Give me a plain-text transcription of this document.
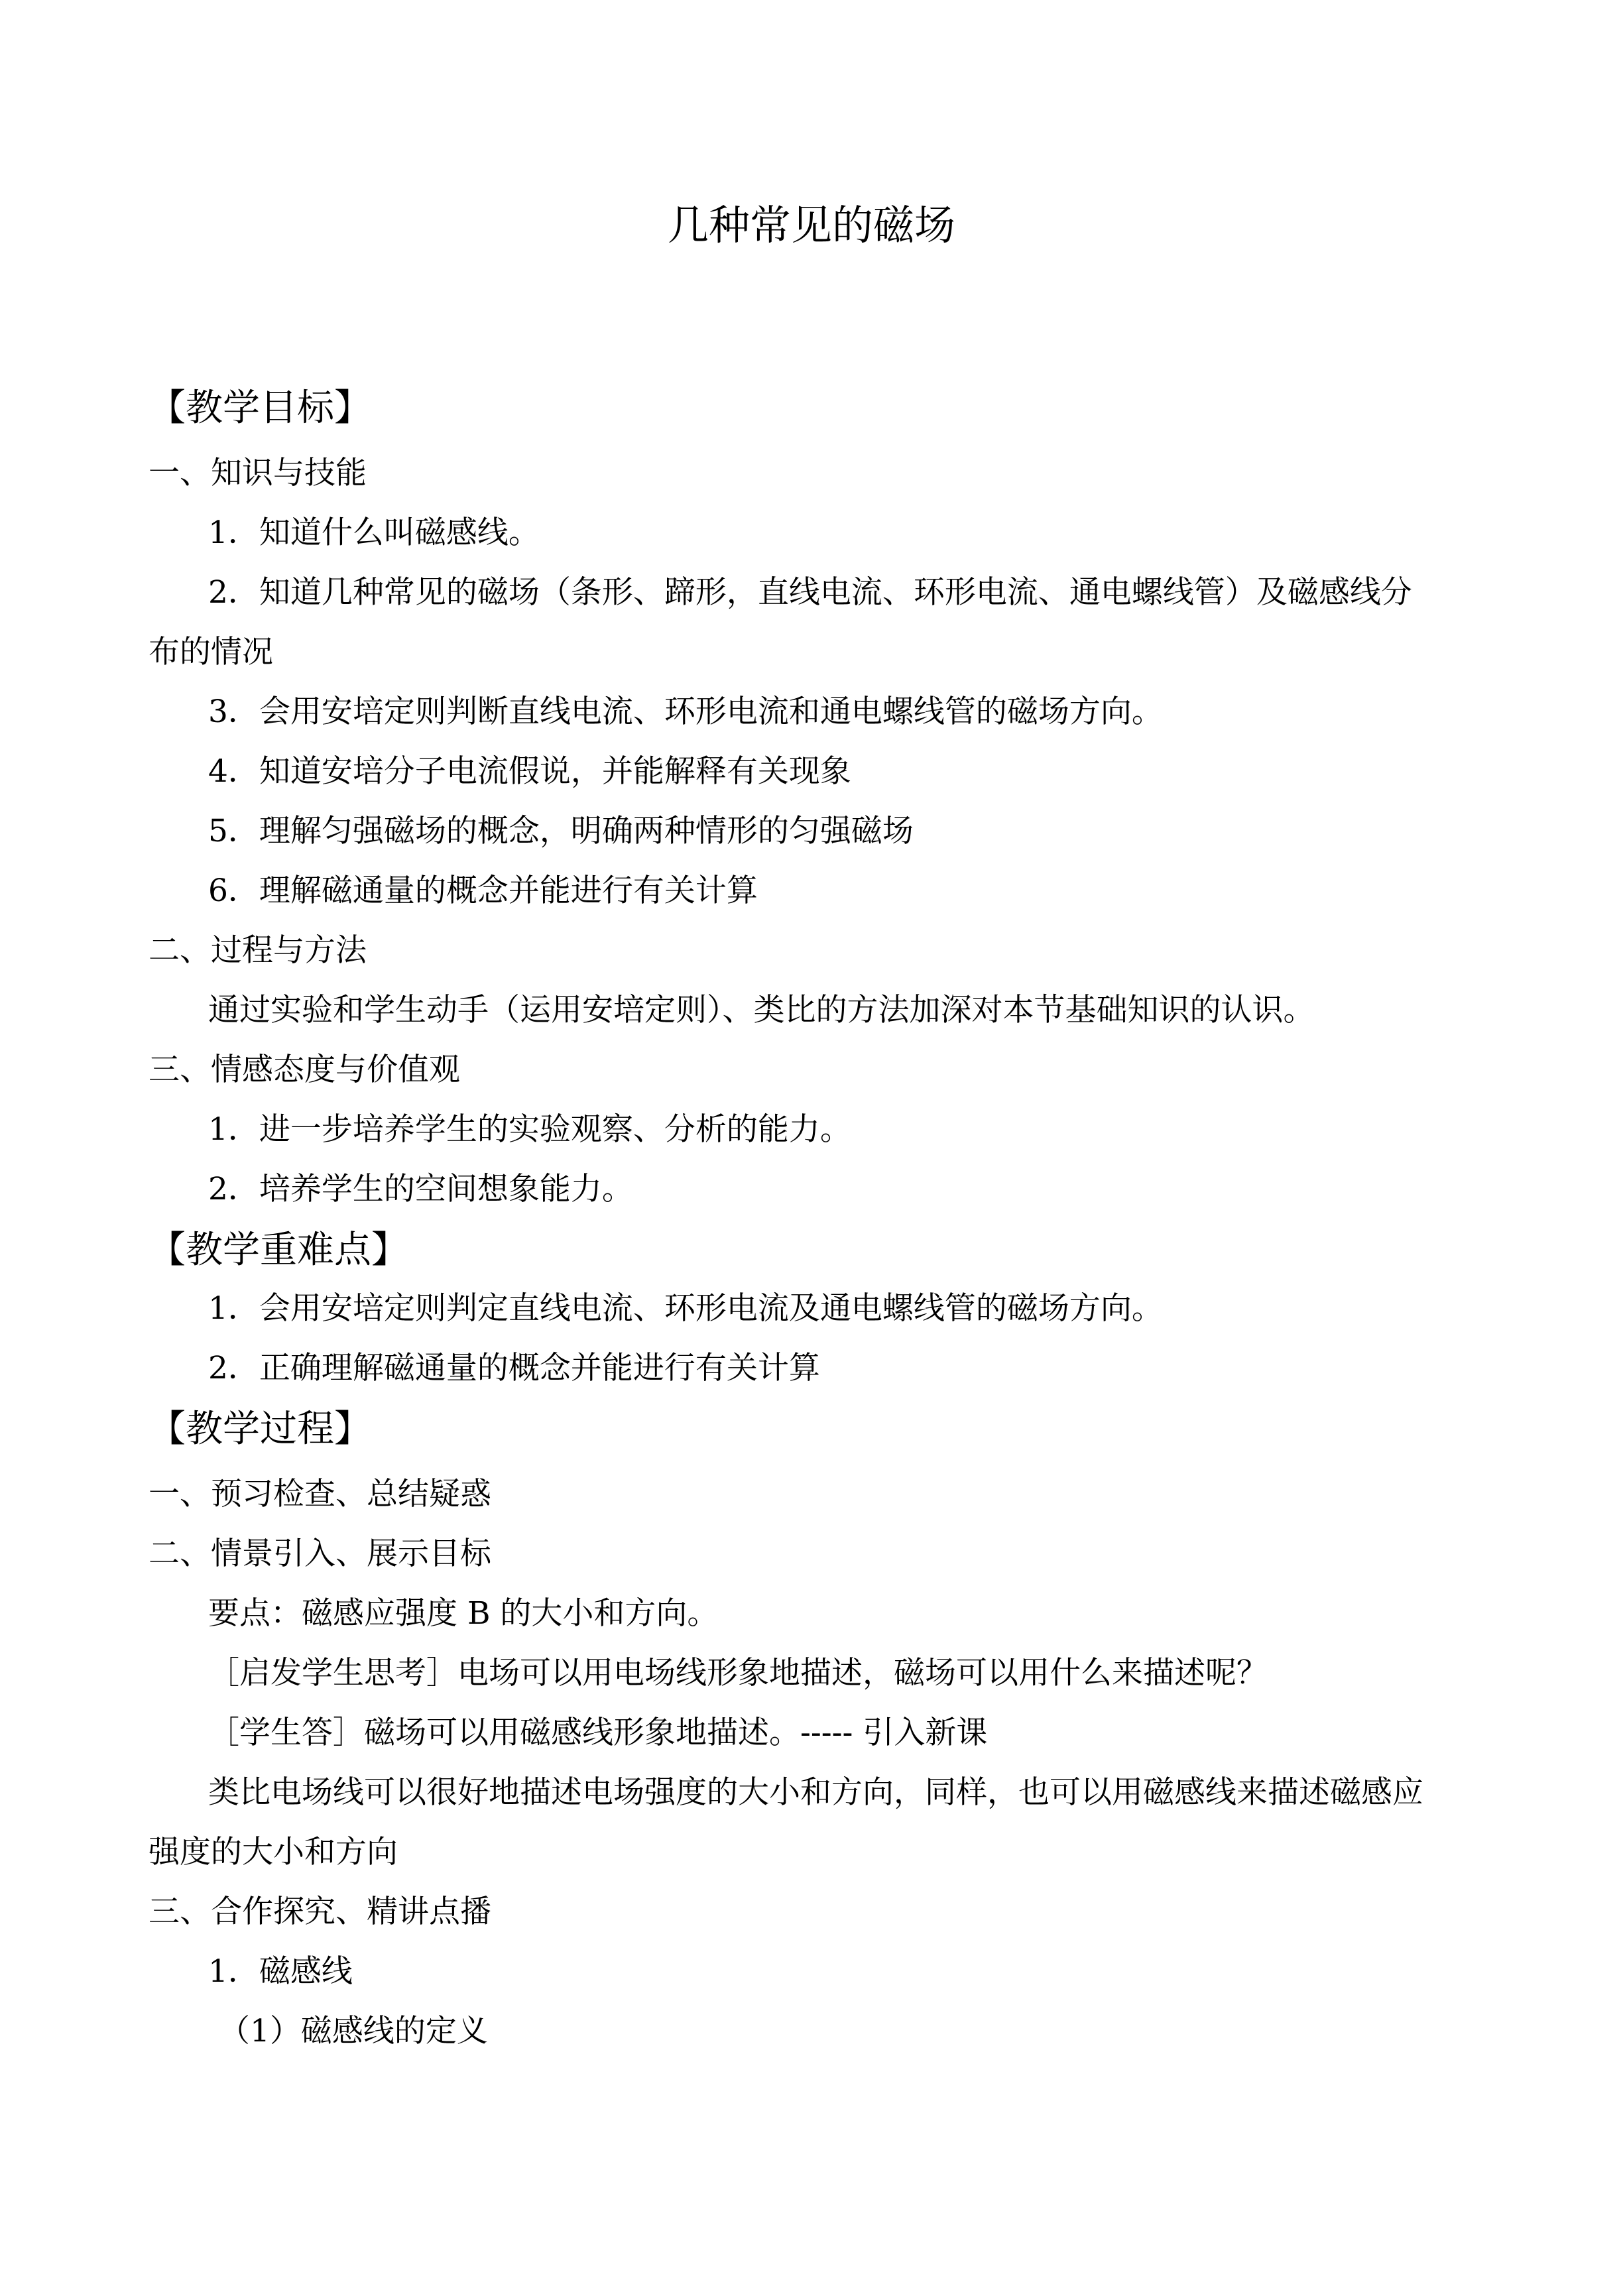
几种常见的磁场
【教学目标】
一、知识与技能
1．知道什么叫磁感线。
2．知道几种常见的磁场（条形、蹄形，直线电流、环形电流、通电螺线管）及磁感线分
布的情况
3．会用安培定则判断直线电流、环形电流和通电螺线管的磁场方向。
4．知道安培分子电流假说，并能解释有关现象
5．理解匀强磁场的概念，明确两种情形的匀强磁场
6．理解磁通量的概念并能进行有关计算
二、过程与方法
通过实验和学生动手（运用安培定则）、类比的方法加深对本节基础知识的认识。
三、情感态度与价值观
1．进一步培养学生的实验观察、分析的能力。
2．培养学生的空间想象能力。
【教学重难点】
1．会用安培定则判定直线电流、环形电流及通电螺线管的磁场方向。
2．正确理解磁通量的概念并能进行有关计算
【教学过程】
一、预习检查、总结疑惑
二、情景引入、展示目标
要点：磁感应强度 B 的大小和方向。
［启发学生思考］电场可以用电场线形象地描述，磁场可以用什么来描述呢？
［学生答］磁场可以用磁感线形象地描述。----- 引入新课
类比电场线可以很好地描述电场强度的大小和方向，同样，也可以用磁感线来描述磁感应
强度的大小和方向
三、合作探究、精讲点播
1．磁感线
（1）磁感线的定义
